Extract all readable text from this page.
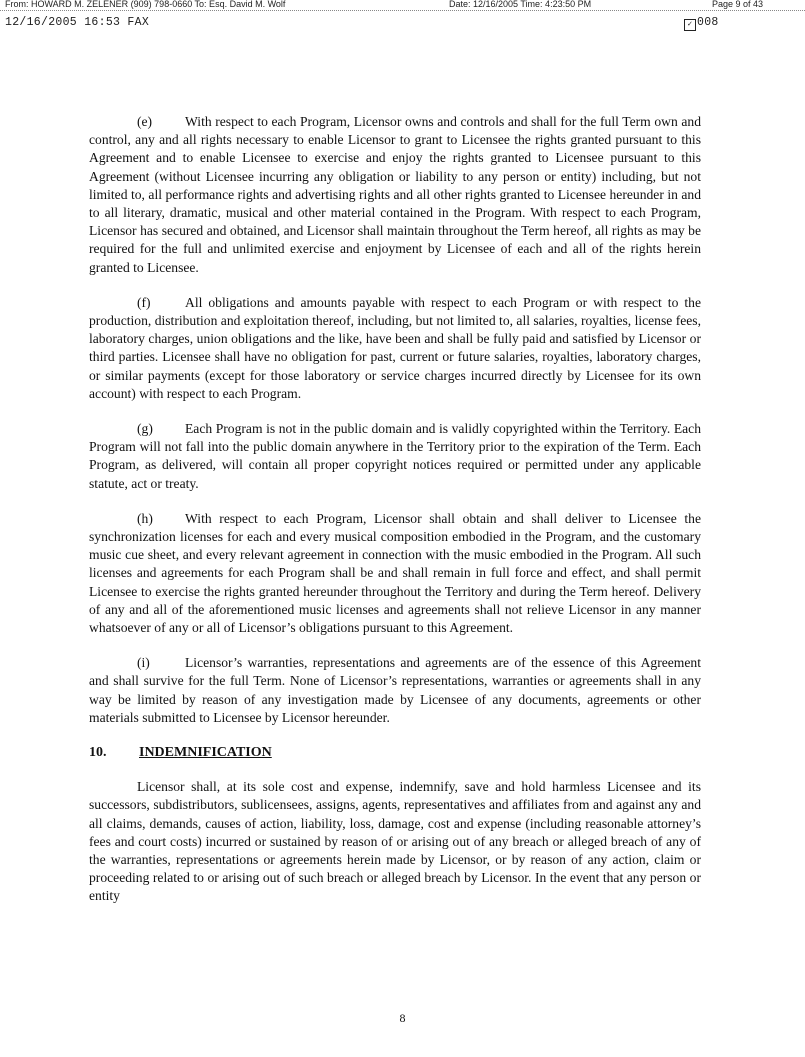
From: HOWARD M. ZELENER (909) 798-0660 To: Esq. David M. Wolf	Date: 12/16/2005 Time: 4:23:50 PM	Page 9 of 43
12/16/2005 16:53 FAX	✓ 008

(e) With respect to each Program, Licensor owns and controls and shall for the full Term own and control, any and all rights necessary to enable Licensor to grant to Licensee the rights granted pursuant to this Agreement and to enable Licensee to exercise and enjoy the rights granted to Licensee pursuant to this Agreement (without Licensee incurring any obligation or liability to any person or entity) including, but not limited to, all performance rights and advertising rights and all other rights granted to Licensee hereunder in and to all literary, dramatic, musical and other material contained in the Program. With respect to each Program, Licensor has secured and obtained, and Licensor shall maintain throughout the Term hereof, all rights as may be required for the full and unlimited exercise and enjoyment by Licensee of each and all of the rights herein granted to Licensee.

(f)	All obligations and amounts payable with respect to each Program or with respect to the production, distribution and exploitation thereof, including, but not limited to, all salaries, royalties, license fees, laboratory charges, union obligations and the like, have been and shall be fully paid and satisfied by Licensor or third parties. Licensee shall have no obligation for past, current or future salaries, royalties, laboratory charges, or similar payments (except for those laboratory or service charges incurred directly by Licensee for its own account) with respect to each Program.

(g) Each Program is not in the public domain and is validly copyrighted within the Territory. Each Program will not fall into the public domain anywhere in the Territory prior to the expiration of the Term. Each Program, as delivered, will contain all proper copyright notices required or permitted under any applicable statute, act or treaty.

(h) With respect to each Program, Licensor shall obtain and shall deliver to Licensee the synchronization licenses for each and every musical composition embodied in the Program, and the customary music cue sheet, and every relevant agreement in connection with the music embodied in the Program. All such licenses and agreements for each Program shall be and shall remain in full force and effect, and shall permit Licensee to exercise the rights granted hereunder throughout the Territory and during the Term hereof. Delivery of any and all of the aforementioned music licenses and agreements shall not relieve Licensor in any manner whatsoever of any or all of Licensor’s obligations pursuant to this Agreement.

(i)	Licensor’s warranties, representations and agreements are of the essence of this Agreement and shall survive for the full Term. None of Licensor’s representations, warranties or agreements shall in any way be limited by reason of any investigation made by Licensee of any documents, agreements or other materials submitted to Licensee by Licensor hereunder.

10. INDEMNIFICATION

Licensor shall, at its sole cost and expense, indemnify, save and hold harmless Licensee and its successors, subdistributors, sublicensees, assigns, agents, representatives and affiliates from and against any and all claims, demands, causes of action, liability, loss, damage, cost and expense (including reasonable attorney’s fees and court costs) incurred or sustained by reason of or arising out of any breach or alleged breach of any of the warranties, representations or agreements herein made by Licensor, or by reason of any action, claim or proceeding related to or arising out of such breach or alleged breach by Licensor. In the event that any person or entity

8
